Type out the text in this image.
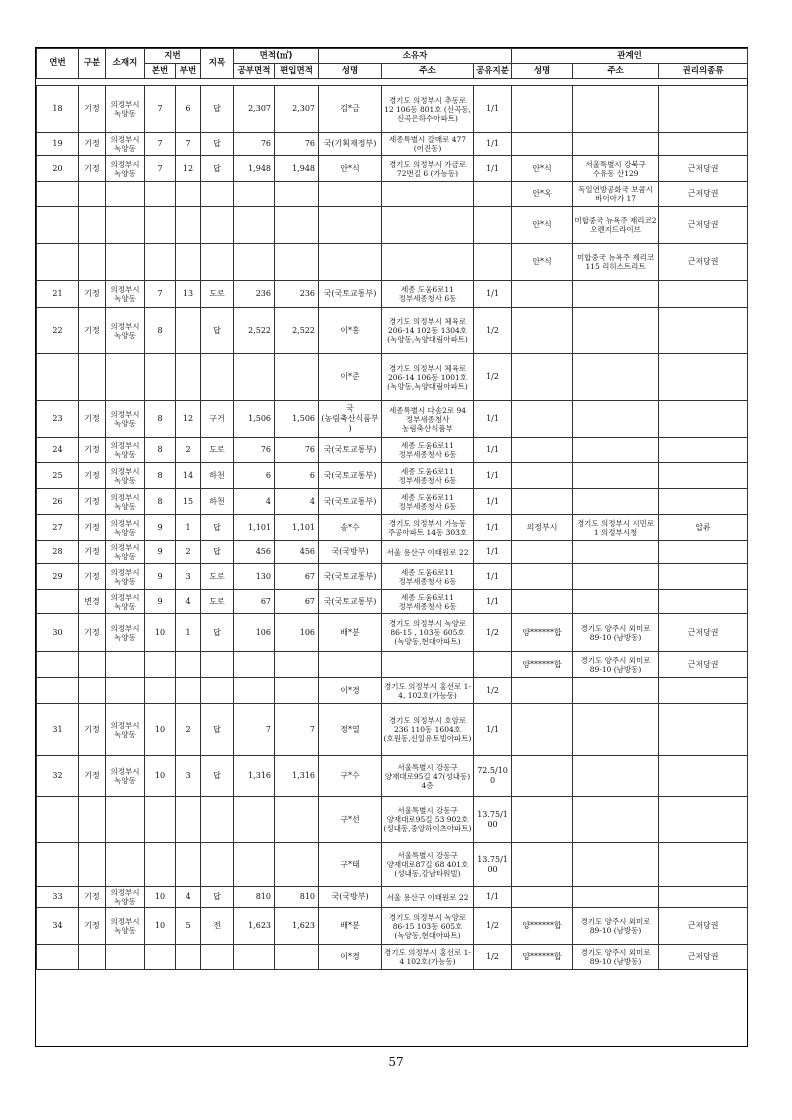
연번	구분	소재지	지번		지목	면적(㎡)		소유자			관계인		
			본번	부번		공부면적	편입면적	성명	주소	공유지분	성명	주소	권리의종류

18	기정	의정부시 녹양동	7	6	답	2,307	2,307	김*금	경기도 의정부시 추동로 12 106동 801호 (신곡동, 신곡은하수아파트)	1/1			
19	기정	의정부시 녹양동	7	7	답	76	76	국(기획재정부)	세종특별시 갈매로 477 (어진동)	1/1			
20	기정	의정부시 녹양동	7	12	답	1,948	1,948	안*식	경기도 의정부시 가금로 72번길 6 (가능동)	1/1	안*식	서울특별시 강북구 수유동 산129	근저당권
											안*옥	독일연방공화국 보쿰시 바이아가 17	근저당권
											안*식	미합중국 뉴욕주 제리코2 오렌지드라이브	근저당권
											안*식	미합중국 뉴욕주 제리코 115 리히스트리트	근저당권
21	기정	의정부시 녹양동	7	13	도로	236	236	국(국토교통부)	세종 도움6로11 정부세종청사 6동	1/1			
22	기정	의정부시 녹양동	8		답	2,522	2,522	이*홍	경기도 의정부시 체육로 206-14 102동 1304호(녹양동,녹양대림아파트)	1/2			
								이*준	경기도 의정부시 체육로 206-14 106동 1001호(녹양동,녹양대림아파트)	1/2			
23	기정	의정부시 녹양동	8	12	구거	1,506	1,506	국(농림축산식품부)	세종특별시 다솜2로 94 정부세종청사 농림축산식품부	1/1			
24	기정	의정부시 녹양동	8	2	도로	76	76	국(국토교통부)	세종 도움6로11 정부세종청사 6동	1/1			
25	기정	의정부시 녹양동	8	14	하천	6	6	국(국토교통부)	세종 도움6로11 정부세종청사 6동	1/1			
26	기정	의정부시 녹양동	8	15	하천	4	4	국(국토교통부)	세종 도움6로11 정부세종청사 6동	1/1			
27	기정	의정부시 녹양동	9	1	답	1,101	1,101	송*수	경기도 의정부시 가능동 주공아파트 14동 303호	1/1	의정부시	경기도 의정부시 시민로 1 의정부시청	압류
28	기정	의정부시 녹양동	9	2	답	456	456	국(국방부)	서울 용산구 이태원로 22	1/1			
29	기정	의정부시 녹양동	9	3	도로	130	67	국(국토교통부)	세종 도움6로11 정부세종청사 6동	1/1			
	변경	의정부시 녹양동	9	4	도로	67	67	국(국토교통부)	세종 도움6로11 정부세종청사 6동	1/1			
30	기정	의정부시 녹양동	10	1	답	106	106	배*분	경기도 의정부시 녹양로 86-15 , 103동 605호 (녹양동,현대아파트)	1/2	양******합	경기도 양주시 외미로 89-10 (남방동)	근저당권
											양******합	경기도 양주시 외미로 89-10 (남방동)	근저당권
								이*경	경기도 의정부시 홍선로 1-4, 102호(가능동)	1/2			
31	기정	의정부시 녹양동	10	2	답	7	7	정*열	경기도 의정부시 호암로 236 110동 1604호(호원동,신일유토빌아파트)	1/1			
32	기정	의정부시 녹양동	10	3	답	1,316	1,316	구*수	서울특별시 강동구 양재대로95길 47(성내동) 4층	72.5/100			
								구*선	서울특별시 강동구 양재대로95길 53 902호 (성내동,중앙하이츠아파트)	13.75/100			
								구*태	서울특별시 강동구 양재대로87길 68 401호 (성내동,강남타워빌)	13.75/100			
33	기정	의정부시 녹양동	10	4	답	810	810	국(국방부)	서울 용산구 이태원로 22	1/1			
34	기정	의정부시 녹양동	10	5	전	1,623	1,623	배*분	경기도 의정부시 녹양로 86-15 103동 605호 (녹양동,현대아파트)	1/2	양******합	경기도 양주시 외미로 89-10 (남방동)	근저당권
								이*경	경기도 의정부시 홍선로 1-4 102호(가능동)	1/2	양******합	경기도 양주시 외미로 89-10 (남방동)	근저당권
57
